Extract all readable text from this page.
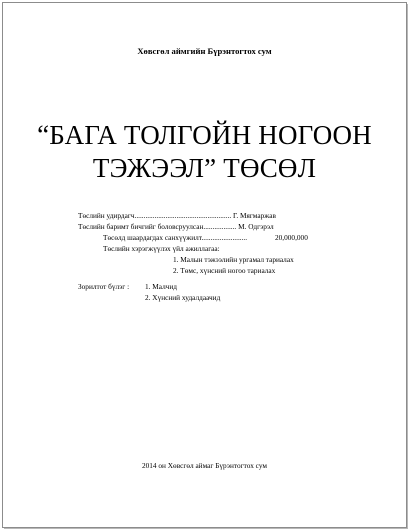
Хөвсгөл аймгийн Бүрэнтогтох сум
“БАГА ТОЛГОЙН НОГООН
ТЭЖЭЭЛ” ТӨСӨЛ
Төслийн удирдагч..................................................... Г. Мягмаржав
Төслийн баримт бичгийг боловсруулсан.................. М. Одгэрэл
Төсөлд шаардагдах санхүүжилт.........................	20,000,000
Төслийн хэрэгжүүлэх үйл ажиллагаа:
1. Малын тэжээлийн ургамал тариалах
2. Төмс, хүнсний ногоо тариалах
Зорилтот бүлэг : 1. Малчид
2. Хүнсний худалдаачид
2014 он Хөвсгөл аймаг Бүрэнтогтох сум
